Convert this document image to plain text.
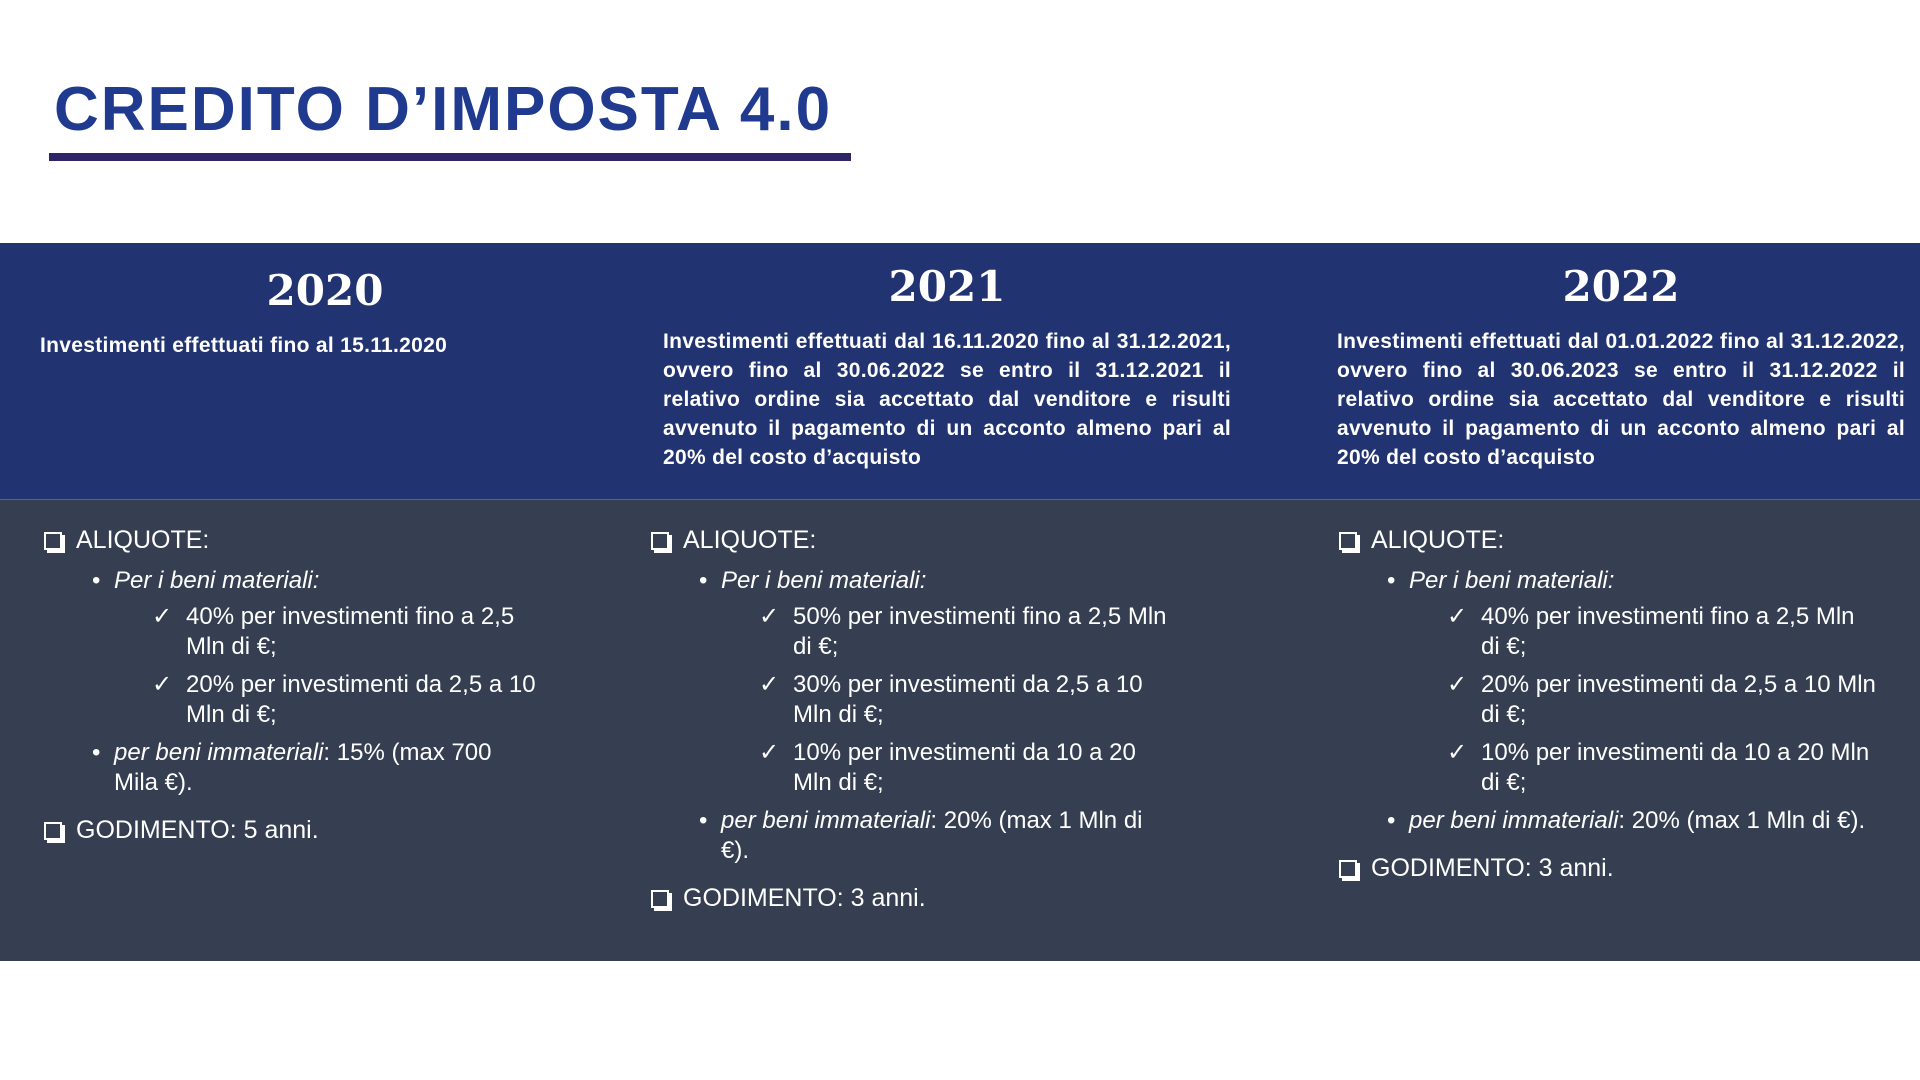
CREDITO D’IMPOSTA 4.0
2020
Investimenti effettuati fino al 15.11.2020
2021
Investimenti effettuati dal 16.11.2020 fino al 31.12.2021, ovvero fino al 30.06.2022 se entro il 31.12.2021 il relativo ordine sia accettato dal venditore e risulti avvenuto il pagamento di un acconto almeno pari al 20% del costo d’acquisto
2022
Investimenti effettuati dal 01.01.2022 fino al 31.12.2022, ovvero fino al 30.06.2023 se entro il 31.12.2022 il relativo ordine sia accettato dal venditore e risulti avvenuto il pagamento di un acconto almeno pari al 20% del costo d’acquisto
ALIQUOTE:
• Per i beni materiali:
✓ 40% per investimenti fino a 2,5 Mln di €;
✓ 20% per investimenti da 2,5 a 10 Mln di €;
• per beni immateriali: 15% (max 700 Mila €).
GODIMENTO: 5 anni.
ALIQUOTE:
• Per i beni materiali:
✓ 50% per investimenti fino a 2,5 Mln di €;
✓ 30% per investimenti da 2,5 a 10 Mln di €;
✓ 10% per investimenti da 10 a 20 Mln di €;
• per beni immateriali: 20% (max 1 Mln di €).
GODIMENTO: 3 anni.
ALIQUOTE:
• Per i beni materiali:
✓ 40% per investimenti fino a 2,5 Mln di €;
✓ 20% per investimenti da 2,5 a 10 Mln di €;
✓ 10% per investimenti da 10 a 20 Mln di €;
• per beni immateriali: 20% (max 1 Mln di €).
GODIMENTO: 3 anni.
